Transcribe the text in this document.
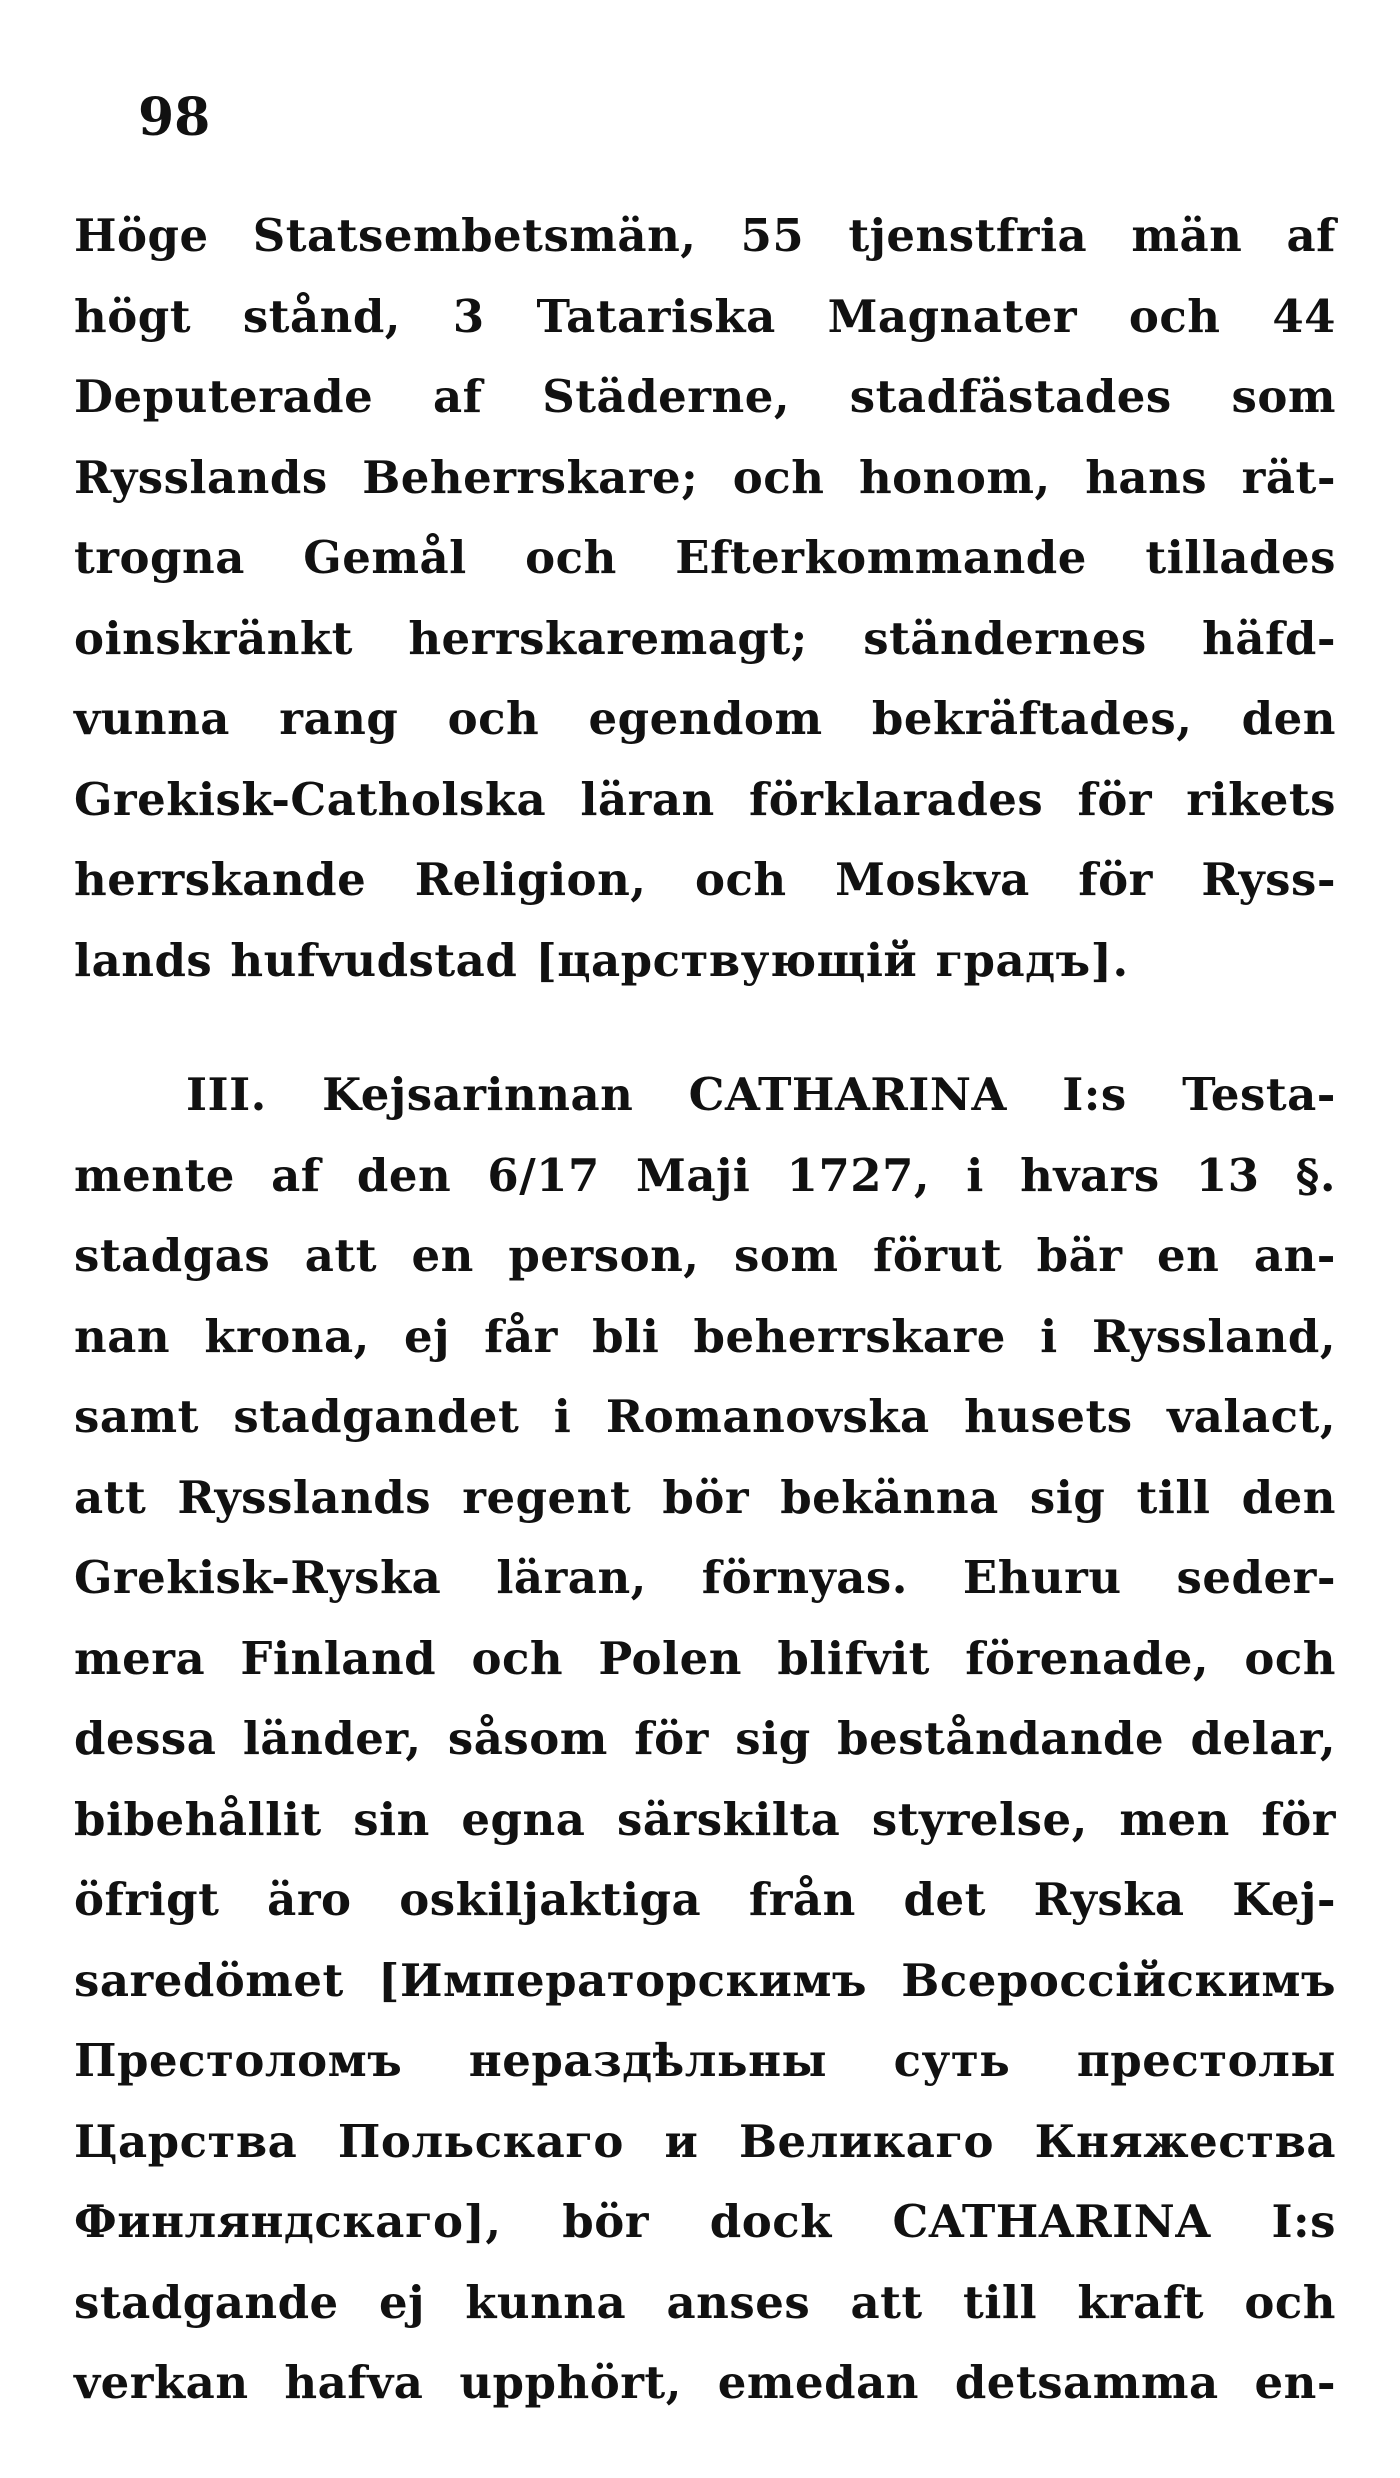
98
Höge Statsembetsmän, 55 tjenstfria män af
högt stånd, 3 Tatariska Magnater och 44
Deputerade af Städerne, stadfästades som
Rysslands Beherrskare; och honom, hans rät-
trogna Gemål och Efterkommande tillades
oinskränkt herrskaremagt; ständernes häfd-
vunna rang och egendom bekräftades, den
Grekisk-Catholska läran förklarades för rikets
herrskande Religion, och Moskva för Ryss-
lands hufvudstad [царствующій градъ].
III. Kejsarinnan CATHARINA I:s Testa-
mente af den 6/17 Maji 1727, i hvars 13 §.
stadgas att en person, som förut bär en an-
nan krona, ej får bli beherrskare i Ryssland,
samt stadgandet i Romanovska husets valact,
att Rysslands regent bör bekänna sig till den
Grekisk-Ryska läran, förnyas. Ehuru seder-
mera Finland och Polen blifvit förenade, och
dessa länder, såsom för sig beståndande delar,
bibehållit sin egna särskilta styrelse, men för
öfrigt äro oskiljaktiga från det Ryska Kej-
saredömet [Императорскимъ Всероссійскимъ
Престоломъ нераздѣльны суть престолы
Царства Польскаго и Великаго Княжества
Финляндскаго], bör dock CATHARINA I:s
stadgande ej kunna anses att till kraft och
verkan hafva upphört, emedan detsamma en-
